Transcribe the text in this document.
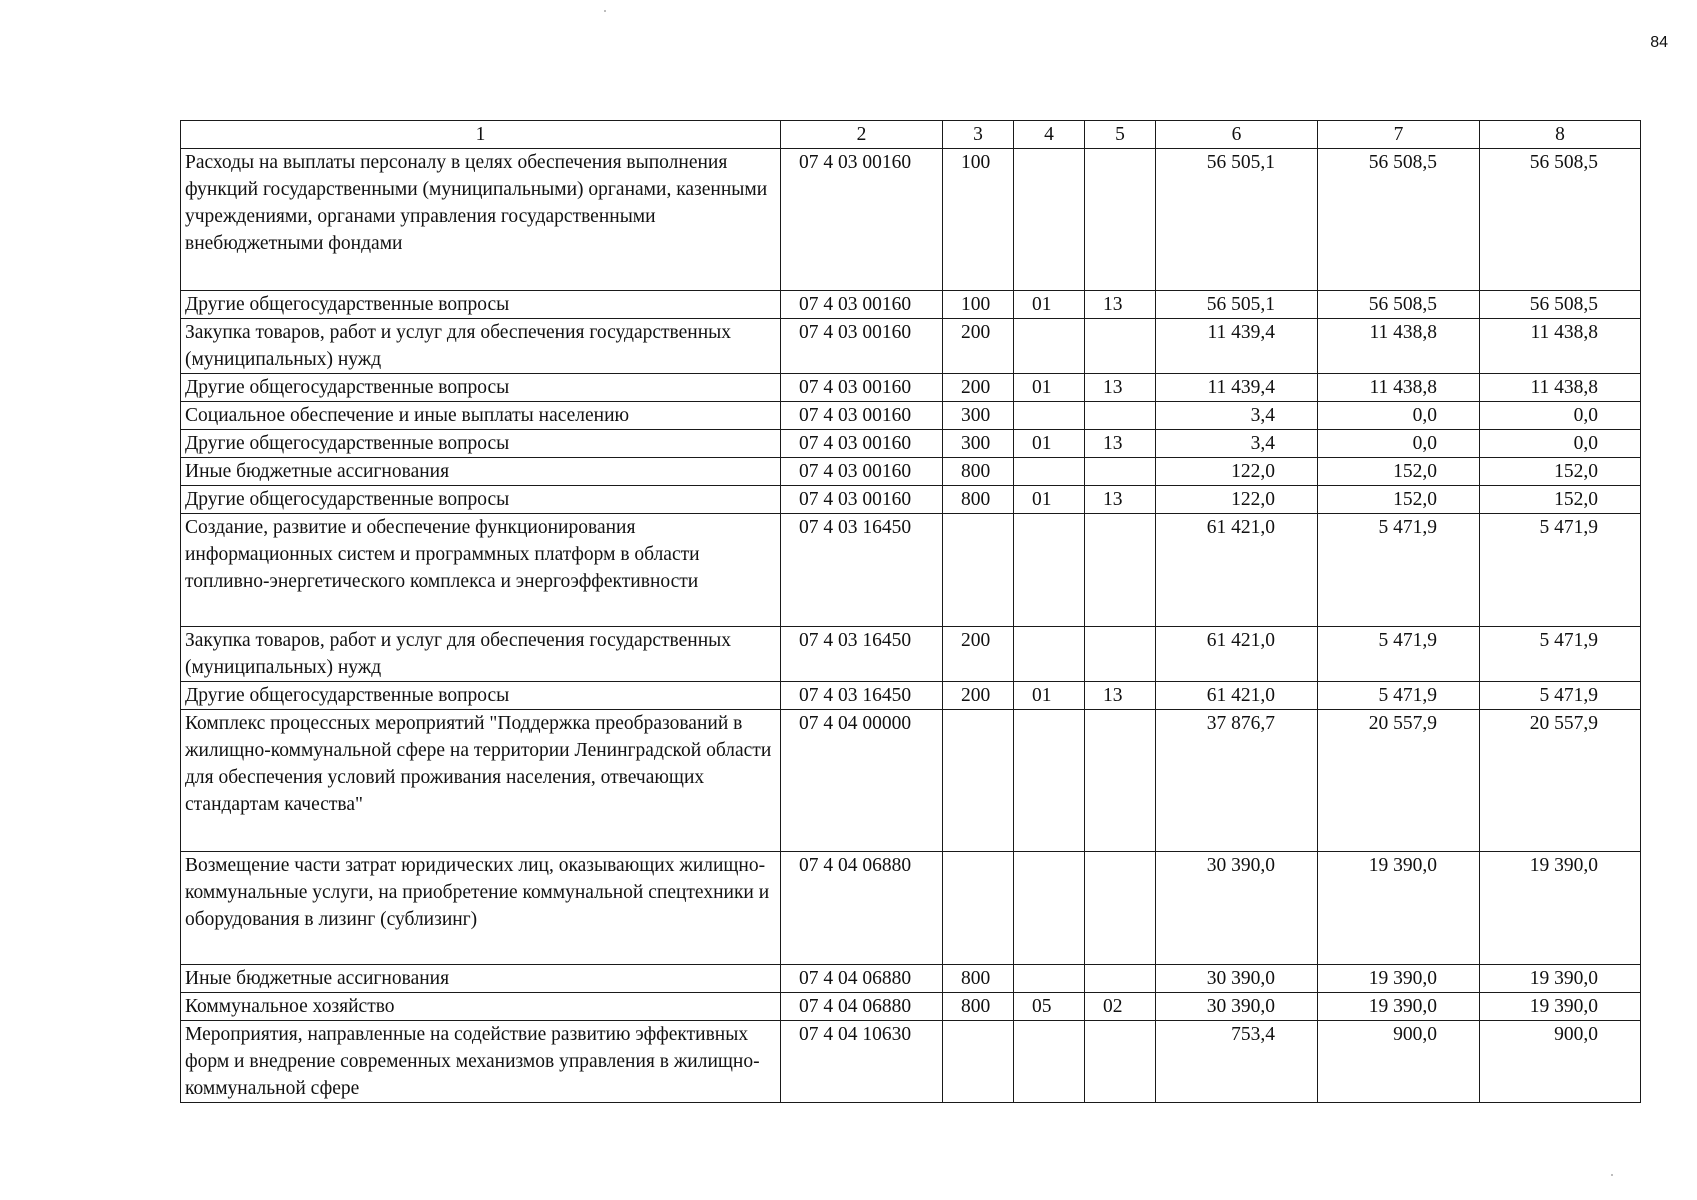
84
1	2	3	4	5	6	7	8
Расходы на выплаты персоналу в целях обеспечения выполнения функций государственными (муниципальными) органами, казенными учреждениями, органами управления государственными внебюджетными фондами	07 4 03 00160	100			56 505,1	56 508,5	56 508,5
Другие общегосударственные вопросы	07 4 03 00160	100	01	13	56 505,1	56 508,5	56 508,5
Закупка товаров, работ и услуг для обеспечения государственных (муниципальных) нужд	07 4 03 00160	200			11 439,4	11 438,8	11 438,8
Другие общегосударственные вопросы	07 4 03 00160	200	01	13	11 439,4	11 438,8	11 438,8
Социальное обеспечение и иные выплаты населению	07 4 03 00160	300			3,4	0,0	0,0
Другие общегосударственные вопросы	07 4 03 00160	300	01	13	3,4	0,0	0,0
Иные бюджетные ассигнования	07 4 03 00160	800			122,0	152,0	152,0
Другие общегосударственные вопросы	07 4 03 00160	800	01	13	122,0	152,0	152,0
Создание, развитие и обеспечение функционирования информационных систем и программных платформ в области топливно-энергетического комплекса и энергоэффективности	07 4 03 16450				61 421,0	5 471,9	5 471,9
Закупка товаров, работ и услуг для обеспечения государственных (муниципальных) нужд	07 4 03 16450	200			61 421,0	5 471,9	5 471,9
Другие общегосударственные вопросы	07 4 03 16450	200	01	13	61 421,0	5 471,9	5 471,9
Комплекс процессных мероприятий "Поддержка преобразований в жилищно-коммунальной сфере на территории Ленинградской области для обеспечения условий проживания населения, отвечающих стандартам качества"	07 4 04 00000				37 876,7	20 557,9	20 557,9
Возмещение части затрат юридических лиц, оказывающих жилищно-коммунальные услуги, на приобретение коммунальной спецтехники и оборудования в лизинг (сублизинг)	07 4 04 06880				30 390,0	19 390,0	19 390,0
Иные бюджетные ассигнования	07 4 04 06880	800			30 390,0	19 390,0	19 390,0
Коммунальное хозяйство	07 4 04 06880	800	05	02	30 390,0	19 390,0	19 390,0
Мероприятия, направленные на содействие развитию эффективных форм и внедрение современных механизмов управления в жилищно-коммунальной сфере	07 4 04 10630				753,4	900,0	900,0
